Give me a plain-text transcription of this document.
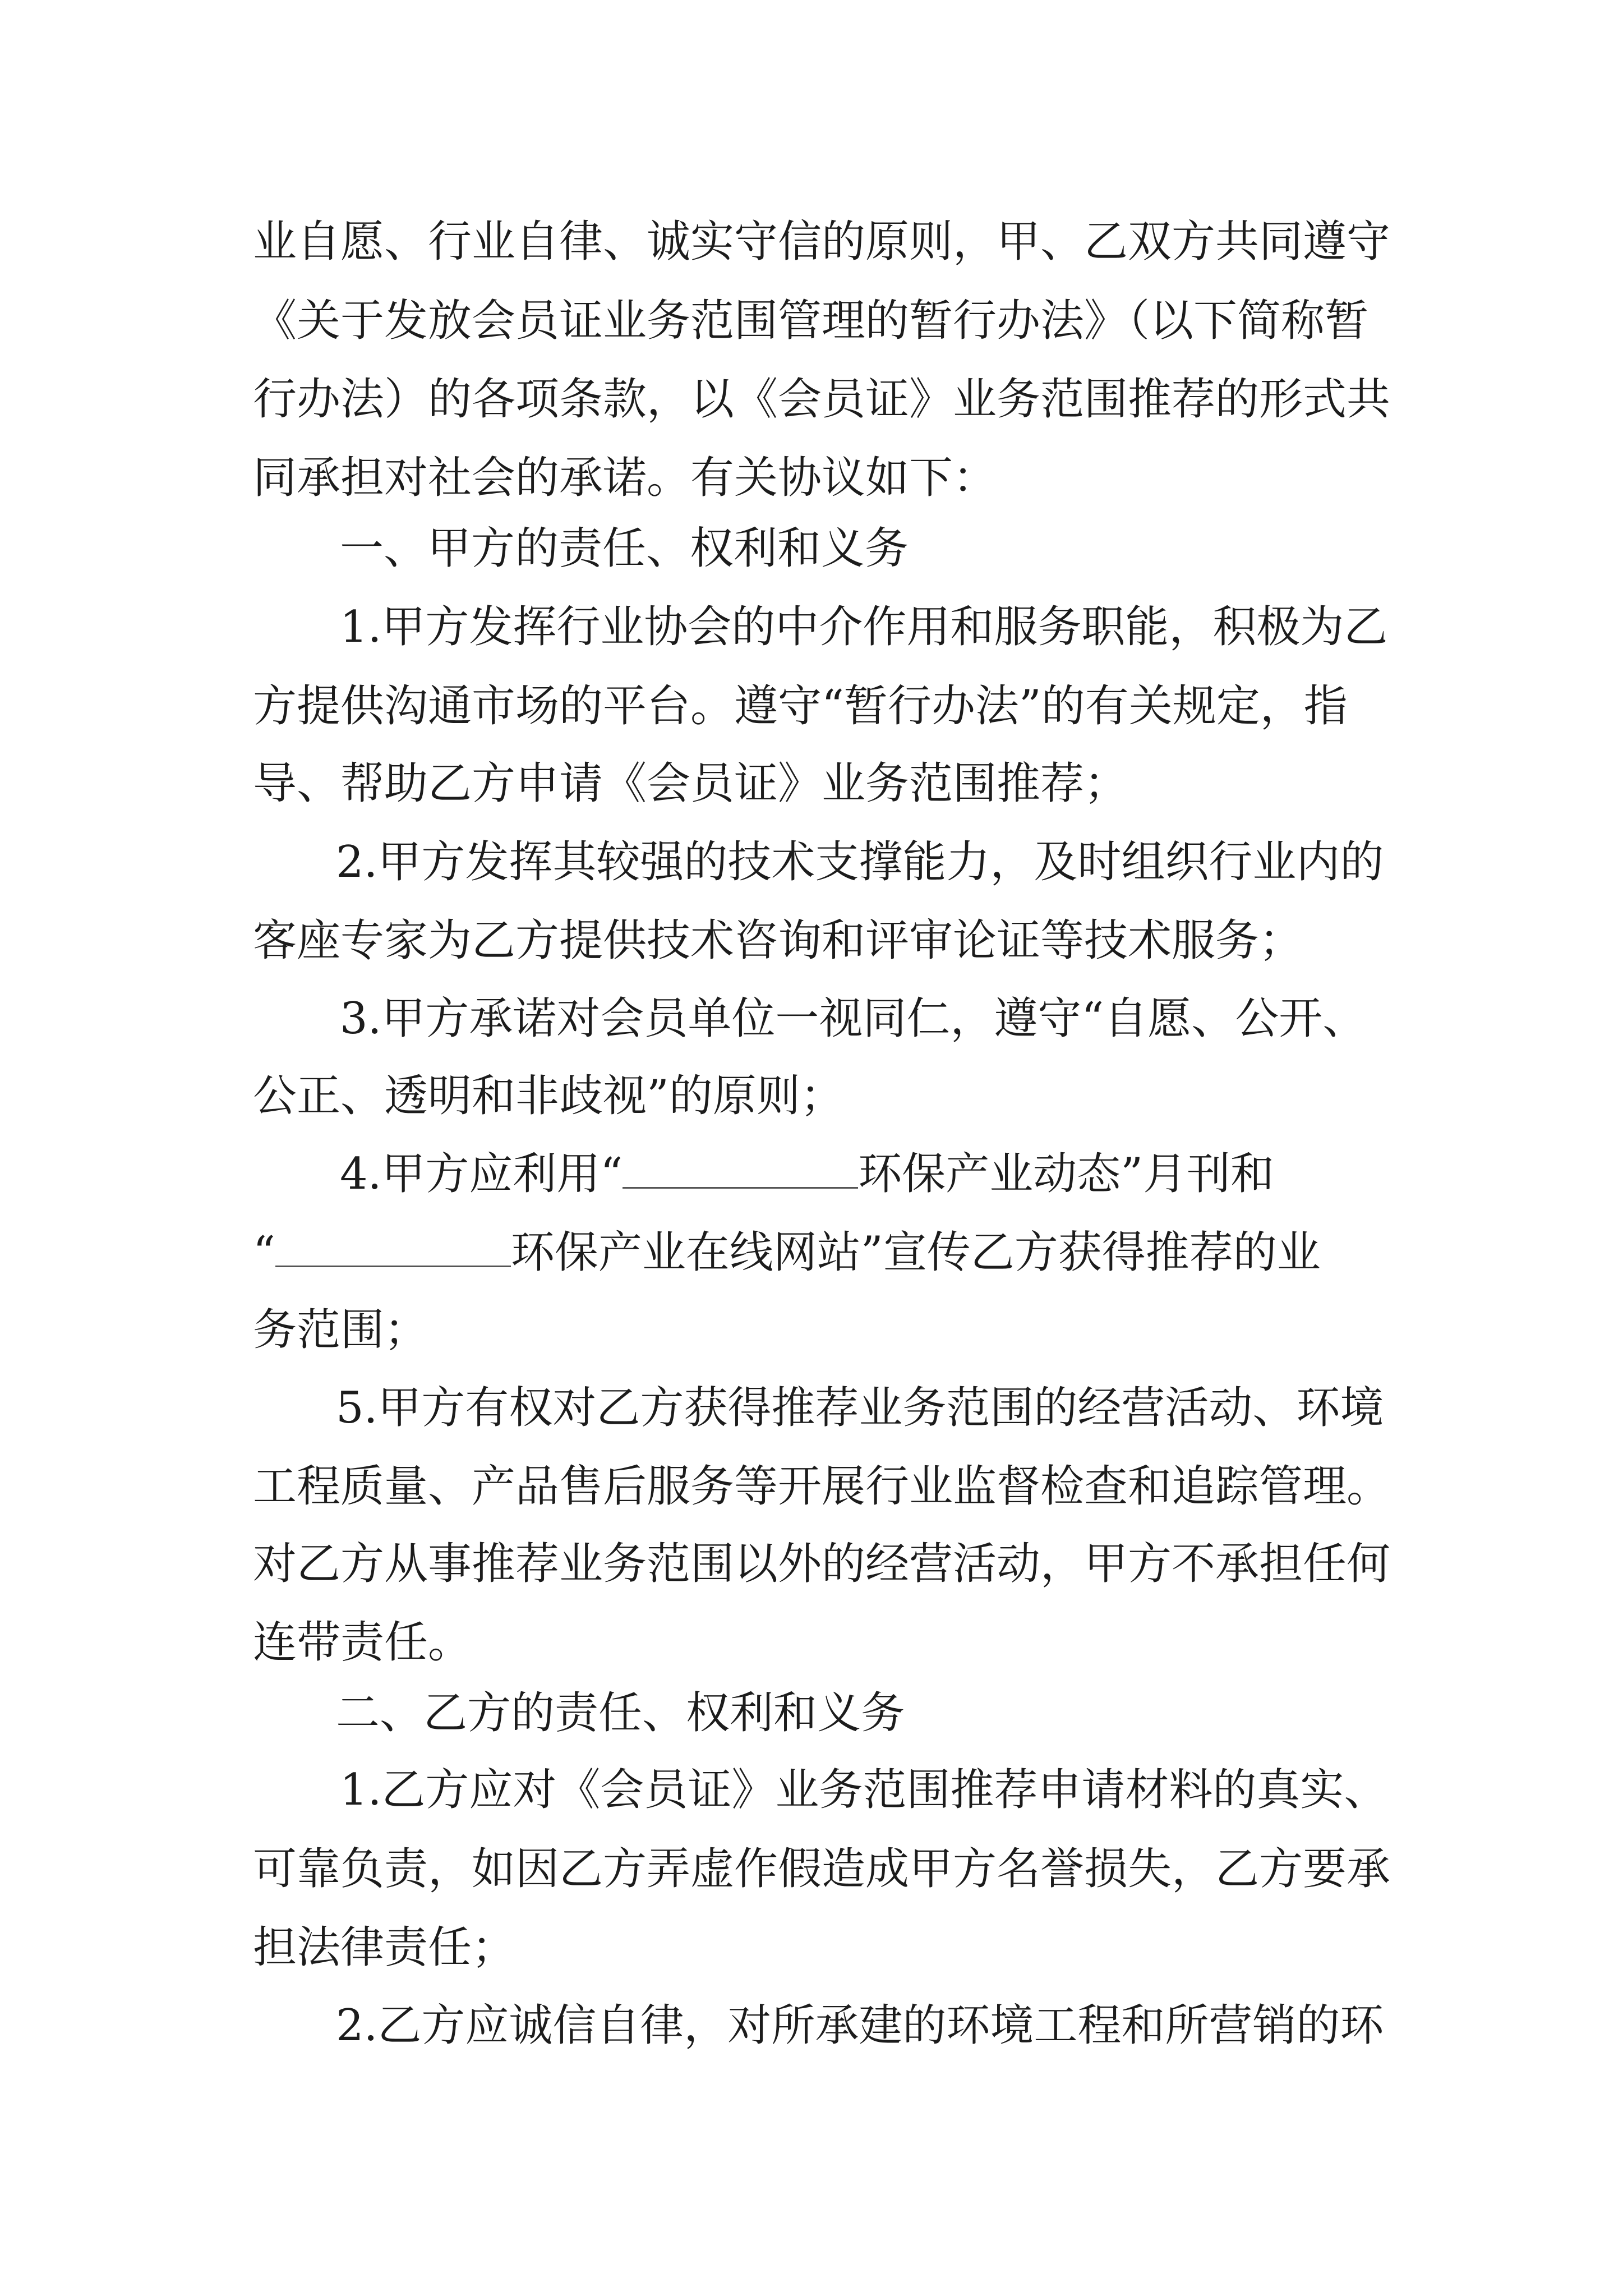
业自愿、行业自律、诚实守信的原则，甲、乙双方共同遵守

《关于发放会员证业务范围管理的暂行办法》（以下简称暂

行办法）的各项条款，以《会员证》业务范围推荐的形式共

同承担对社会的承诺。有关协议如下：

一、甲方的责任、权利和义务

1.甲方发挥行业协会的中介作用和服务职能，积极为乙

方提供沟通市场的平台。遵守“暂行办法”的有关规定，指

导、帮助乙方申请《会员证》业务范围推荐；

2.甲方发挥其较强的技术支撑能力，及时组织行业内的

客座专家为乙方提供技术咨询和评审论证等技术服务；

3.甲方承诺对会员单位一视同仁，遵守“自愿、公开、

公正、透明和非歧视”的原则；

4.甲方应利用“	环保产业动态”月刊和

“	环保产业在线网站”宣传乙方获得推荐的业

务范围；

5.甲方有权对乙方获得推荐业务范围的经营活动、环境

工程质量、产品售后服务等开展行业监督检查和追踪管理。

对乙方从事推荐业务范围以外的经营活动，甲方不承担任何

连带责任。

二、乙方的责任、权利和义务

1.乙方应对《会员证》业务范围推荐申请材料的真实、

可靠负责，如因乙方弄虚作假造成甲方名誉损失，乙方要承

担法律责任；

2.乙方应诚信自律，对所承建的环境工程和所营销的环
